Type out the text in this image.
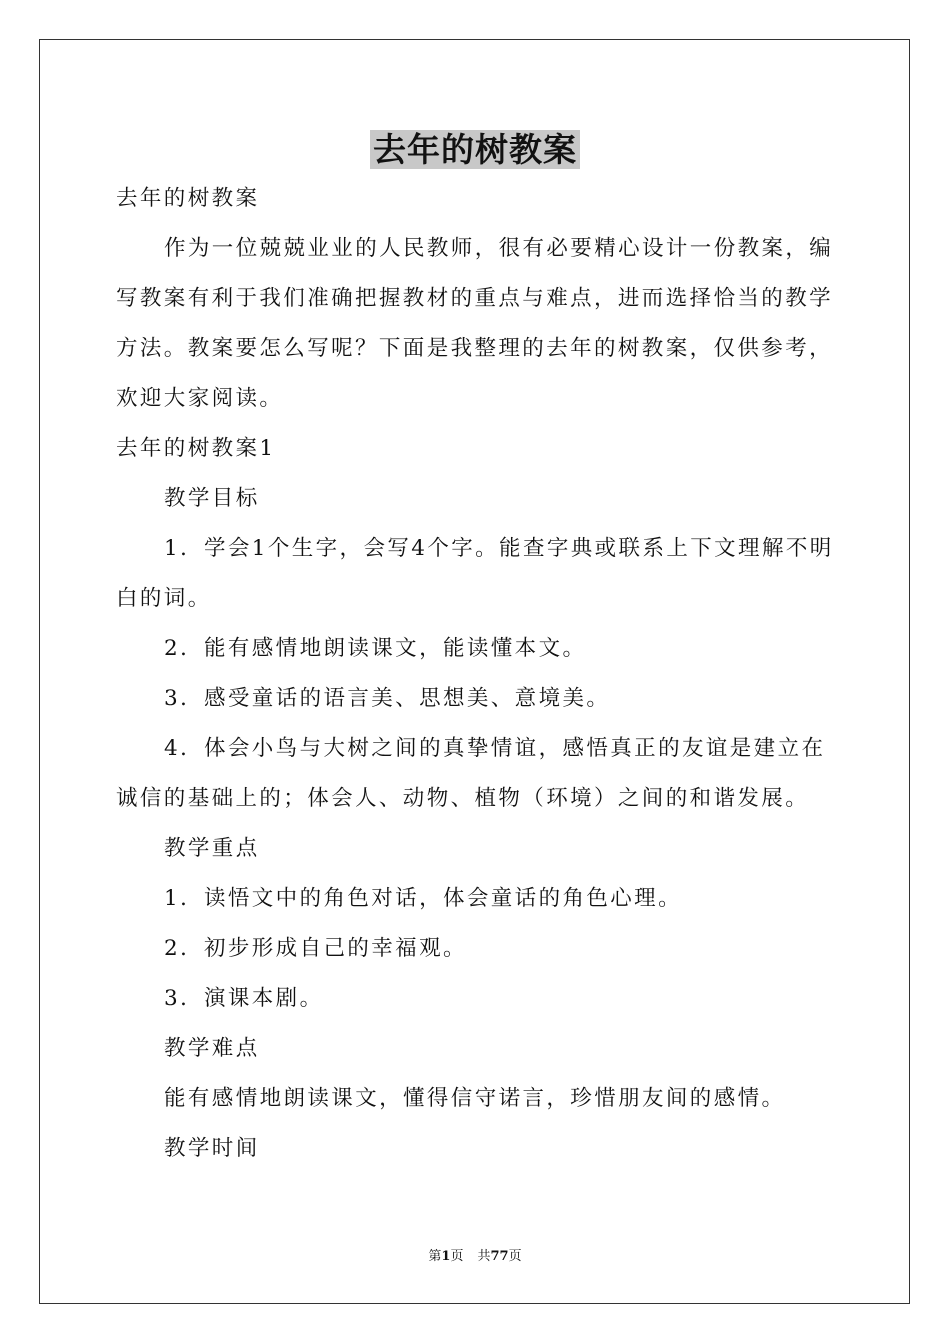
去年的树教案

去年的树教案

作为一位兢兢业业的人民教师，很有必要精心设计一份教案，编写教案有利于我们准确把握教材的重点与难点，进而选择恰当的教学方法。教案要怎么写呢？下面是我整理的去年的树教案，仅供参考，欢迎大家阅读。

去年的树教案1

教学目标

1．学会1个生字，会写4个字。能查字典或联系上下文理解不明白的词。

2．能有感情地朗读课文，能读懂本文。

3．感受童话的语言美、思想美、意境美。

4．体会小鸟与大树之间的真挚情谊，感悟真正的友谊是建立在诚信的基础上的；体会人、动物、植物（环境）之间的和谐发展。

教学重点

1．读悟文中的角色对话，体会童话的角色心理。

2．初步形成自己的幸福观。

3．演课本剧。

教学难点

能有感情地朗读课文，懂得信守诺言，珍惜朋友间的感情。

教学时间

第1页 共77页
